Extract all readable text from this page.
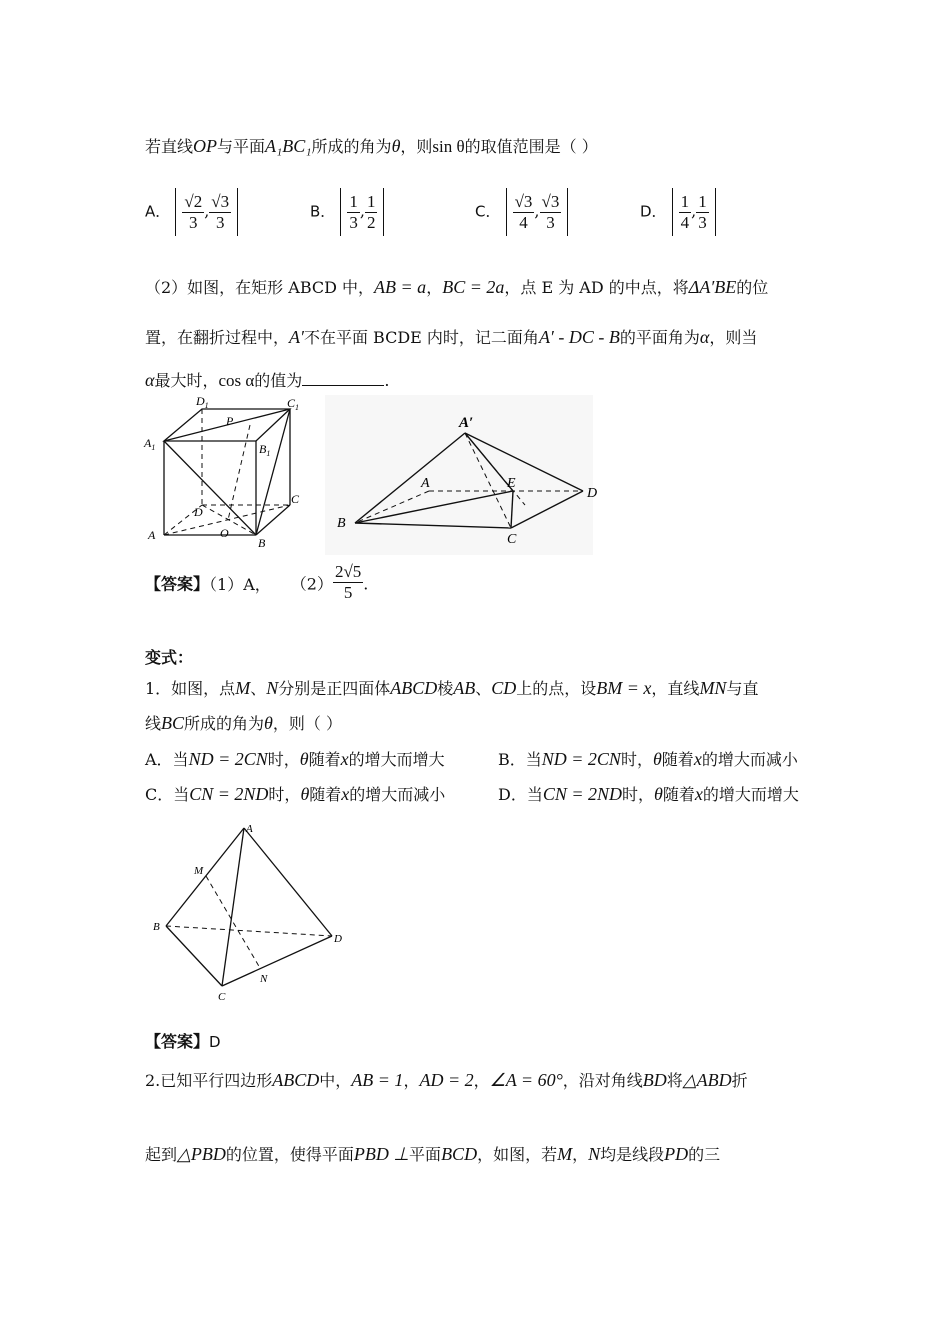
若直线OP与平面A₁BC₁所成的角为θ，则sin θ的取值范围是（ ）
A． $\frac{√2}{3}$ , $\frac{√3}{3}$	B． $\frac{1}{3}$ , $\frac{1}{2}$	C． $\frac{√3}{4}$ , $\frac{√3}{3}$	D． $\frac{1}{4}$ , $\frac{1}{3}$
（2）如图，在矩形 ABCD 中，AB = a，BC = 2a，点 E 为 AD 的中点，将ΔA′BE的位
置，在翻折过程中，A′不在平面 BCDE 内时，记二面角A′ - DC - B的平面角为α，则当
α最大时，cos α的值为	.
$D_1$
P
$C_1$
$A_1$	$B_1$
C
D
A	O
B
A′
A	E
D
B
C
【答案】（1）A， $(2) \frac{2√5}{5}$ .
变式：
1．如图，点M、N分别是正四面体ABCD棱AB、CD上的点，设BM = x，直线MN与直
线BC所成的角为θ，则（ ）
A．当ND = 2CN时，θ随着x的增大而增大	B．当ND = 2CN时，θ随着x的增大而减小
C．当CN = 2ND时，θ随着x的增大而减小	D．当CN = 2ND时，θ随着x的增大而增大
A
M
B
D
N
C
【答案】D
2.已知平行四边形ABCD中，AB = 1，AD = 2，∠A = 60°，沿对角线BD将△ABD折
起到△PBD的位置，使得平面PBD ⊥平面BCD，如图，若M，N均是线段PD的三
